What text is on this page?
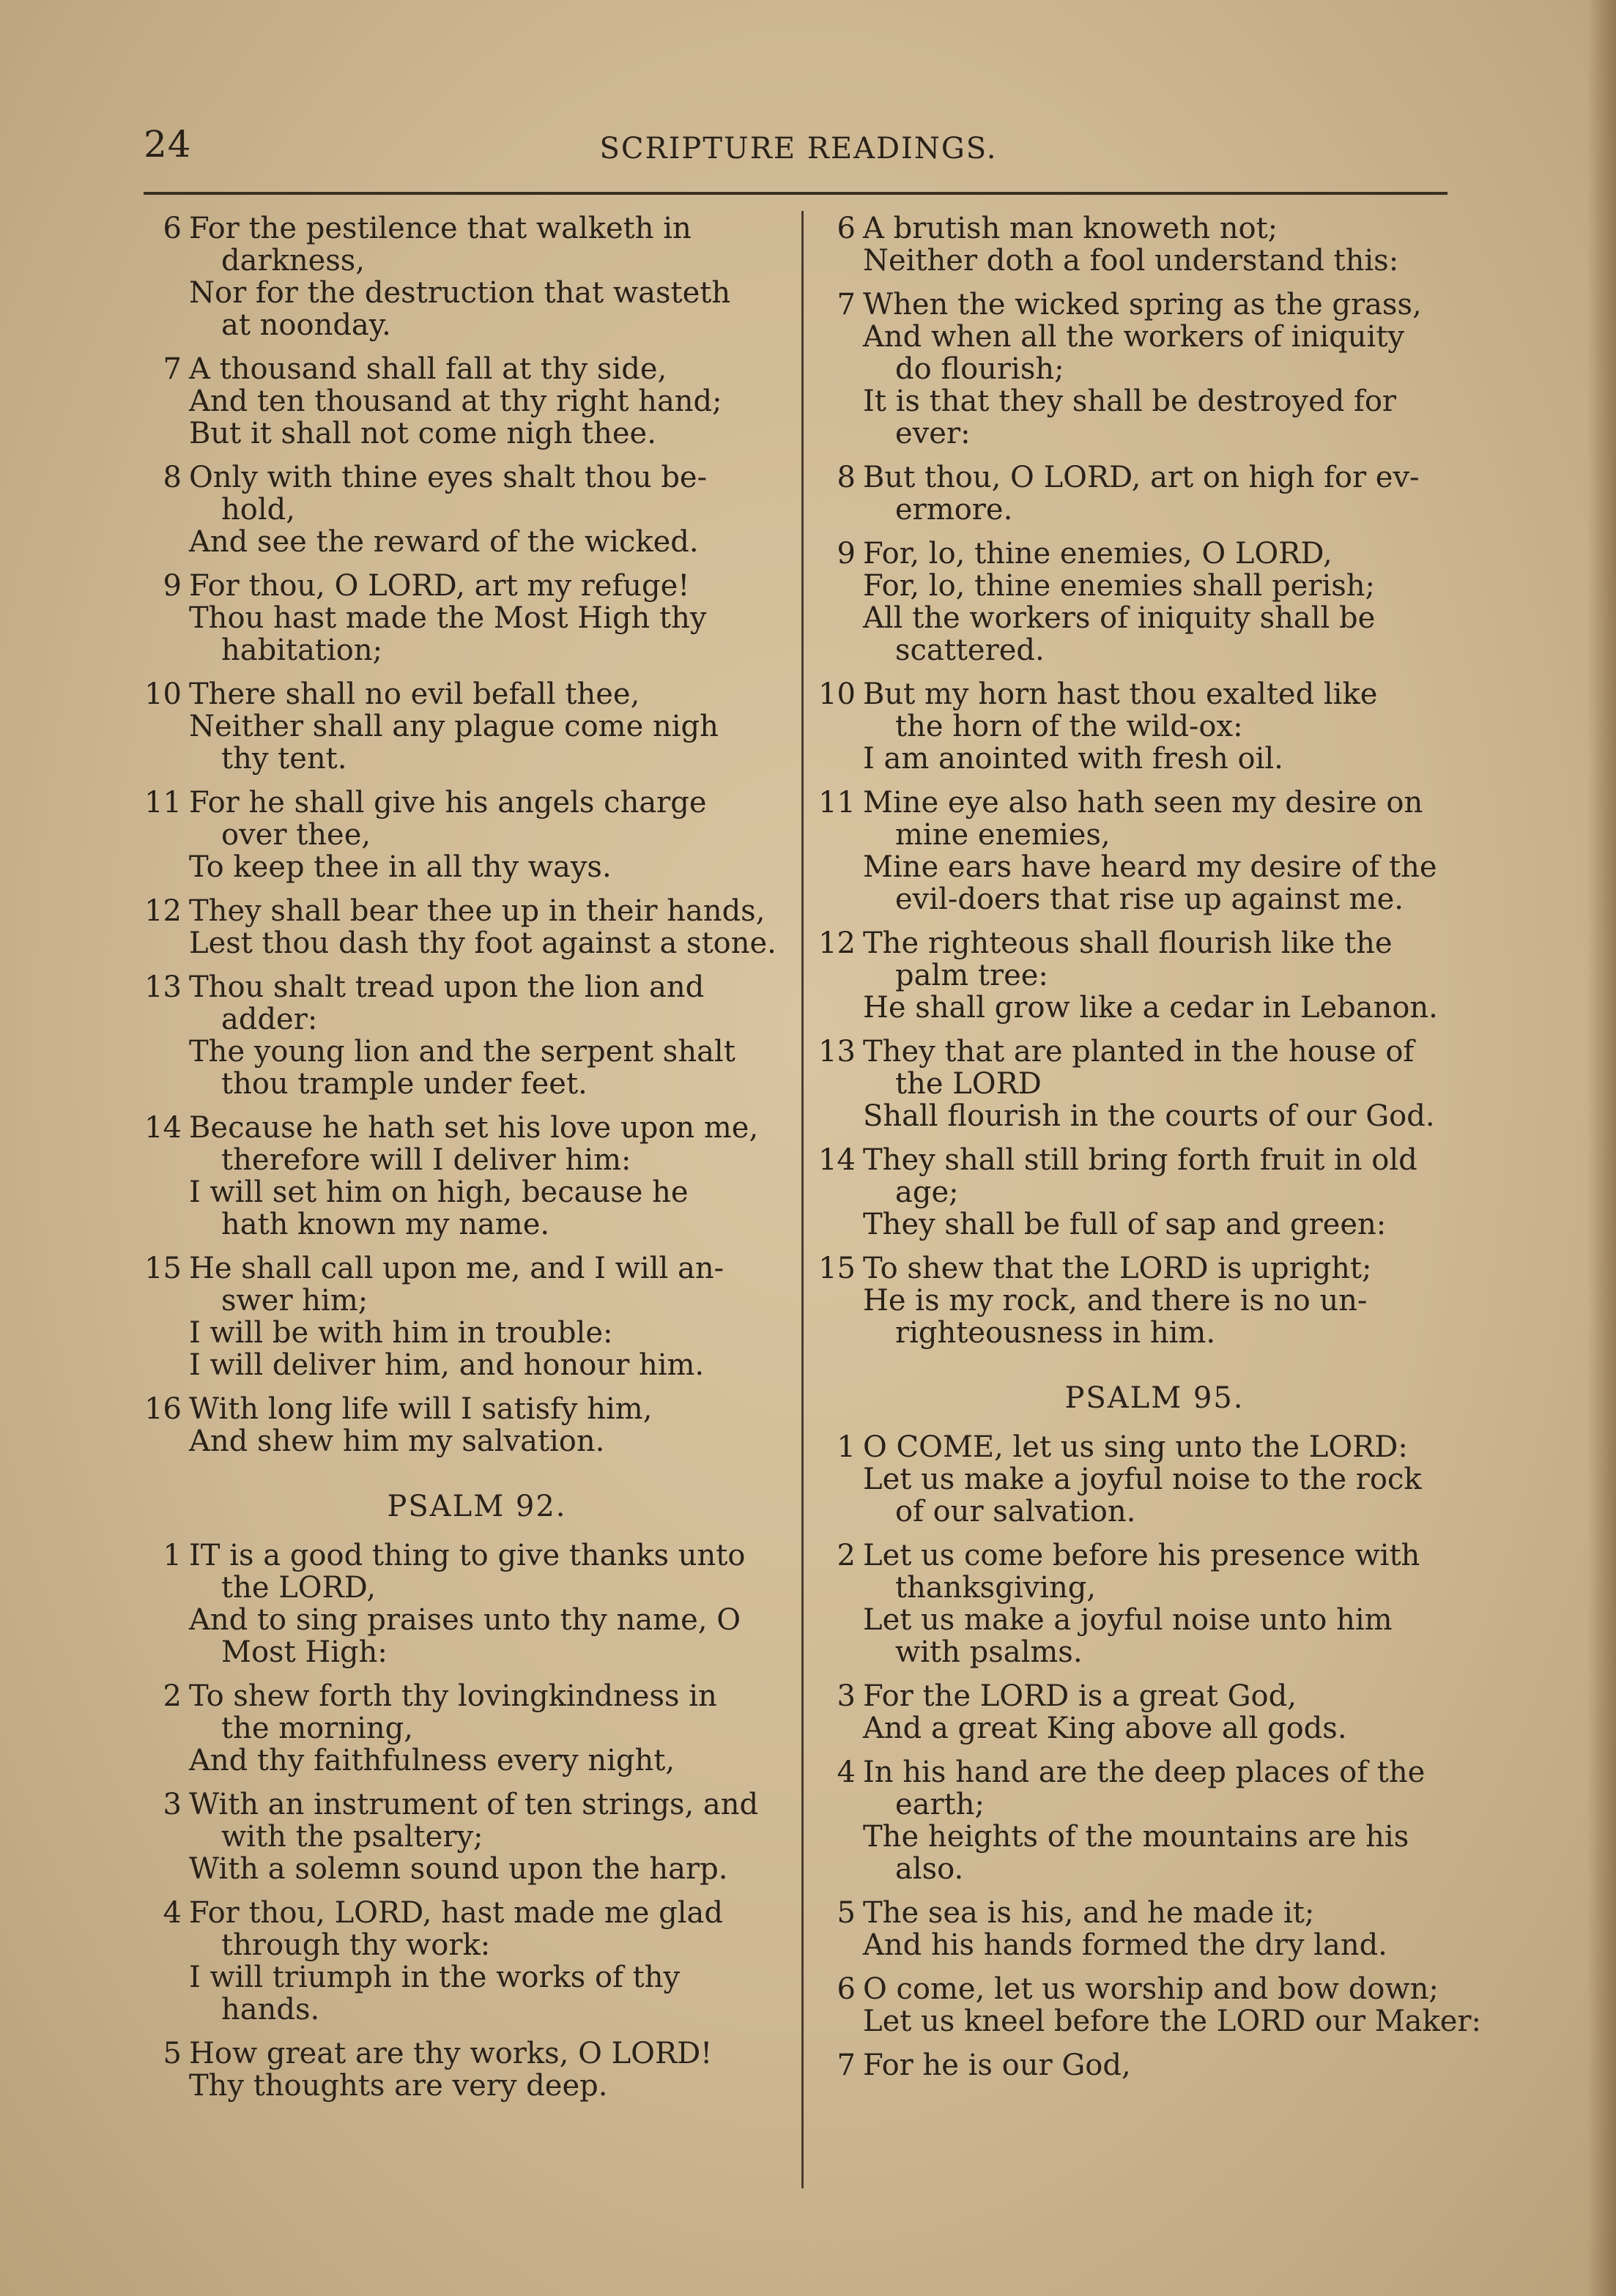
24	SCRIPTURE READINGS.
6 For the pestilence that walketh in
darkness,
Nor for the destruction that wasteth
at noonday.
7 A thousand shall fall at thy side,
And ten thousand at thy right hand;
But it shall not come nigh thee.
8 Only with thine eyes shalt thou be-
hold,
And see the reward of the wicked.
9 For thou, O LORD, art my refuge!
Thou hast made the Most High thy
habitation;
10 There shall no evil befall thee,
Neither shall any plague come nigh
thy tent.
11 For he shall give his angels charge
over thee,
To keep thee in all thy ways.
12 They shall bear thee up in their hands,
Lest thou dash thy foot against a stone.
13 Thou shalt tread upon the lion and
adder:
The young lion and the serpent shalt
thou trample under feet.
14 Because he hath set his love upon me,
therefore will I deliver him:
I will set him on high, because he
hath known my name.
15 He shall call upon me, and I will an-
swer him;
I will be with him in trouble:
I will deliver him, and honour him.
16 With long life will I satisfy him,
And shew him my salvation.
PSALM 92.
1 IT is a good thing to give thanks unto
the LORD,
And to sing praises unto thy name, O
Most High:
2 To shew forth thy lovingkindness in
the morning,
And thy faithfulness every night,
3 With an instrument of ten strings, and
with the psaltery;
With a solemn sound upon the harp.
4 For thou, LORD, hast made me glad
through thy work:
I will triumph in the works of thy
hands.
5 How great are thy works, O LORD!
Thy thoughts are very deep.
6 A brutish man knoweth not;
Neither doth a fool understand this:
7 When the wicked spring as the grass,
And when all the workers of iniquity
do flourish;
It is that they shall be destroyed for
ever:
8 But thou, O LORD, art on high for ev-
ermore.
9 For, lo, thine enemies, O LORD,
For, lo, thine enemies shall perish;
All the workers of iniquity shall be
scattered.
10 But my horn hast thou exalted like
the horn of the wild-ox:
I am anointed with fresh oil.
11 Mine eye also hath seen my desire on
mine enemies,
Mine ears have heard my desire of the
evil-doers that rise up against me.
12 The righteous shall flourish like the
palm tree:
He shall grow like a cedar in Lebanon.
13 They that are planted in the house of
the LORD
Shall flourish in the courts of our God.
14 They shall still bring forth fruit in old
age;
They shall be full of sap and green:
15 To shew that the LORD is upright;
He is my rock, and there is no un-
righteousness in him.
PSALM 95.
1 O COME, let us sing unto the LORD:
Let us make a joyful noise to the rock
of our salvation.
2 Let us come before his presence with
thanksgiving,
Let us make a joyful noise unto him
with psalms.
3 For the LORD is a great God,
And a great King above all gods.
4 In his hand are the deep places of the
earth;
The heights of the mountains are his
also.
5 The sea is his, and he made it;
And his hands formed the dry land.
6 O come, let us worship and bow down;
Let us kneel before the LORD our Maker:
7 For he is our God,
